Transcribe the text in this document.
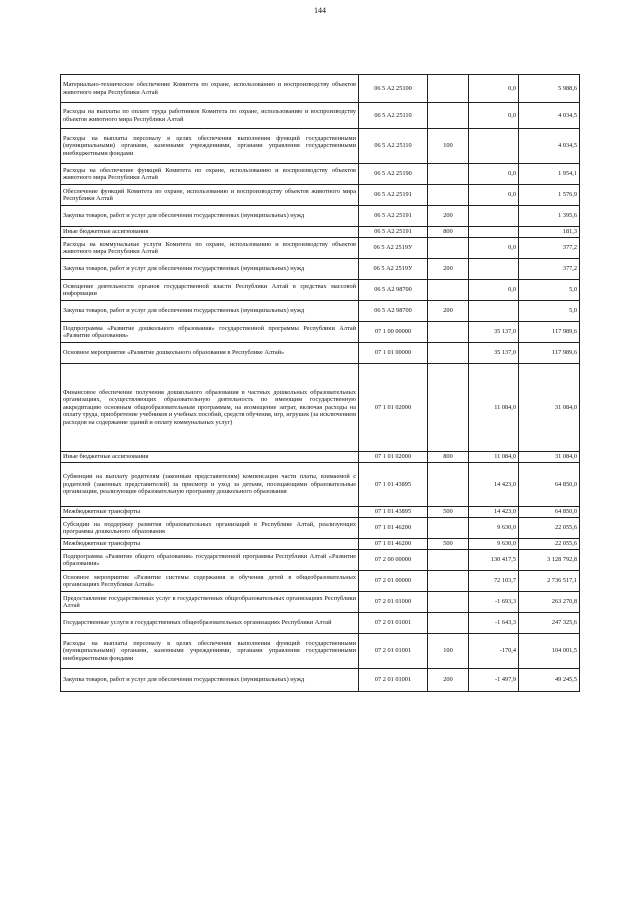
144
Материально-техническое обеспечение Комитета по охране, использованию и воспроизводству объектов животного мира Республики Алтай	06 5 А2 25100		0,0	5 988,6
Расходы на выплаты по оплате труда работников Комитета по охране, использованию и воспроизводству объектов животного мира Республики Алтай	06 5 А2 25110		0,0	4 034,5
Расходы на выплаты персоналу в целях обеспечения выполнения функций государственными (муниципальными) органами, казенными учреждениями, органами управления государственными внебюджетными фондами	06 5 А2 25110	100		4 034,5
Расходы на обеспечение функций Комитета по охране, использованию и воспроизводству объектов животного мира Республики Алтай	06 5 А2 25190		0,0	1 954,1
Обеспечение функций Комитета по охране, использованию и воспроизводству объектов животного мира Республики Алтай	06 5 А2 25191		0,0	1 576,9
Закупка товаров, работ и услуг для обеспечения государственных (муниципальных) нужд	06 5 А2 25191	200		1 395,6
Иные бюджетные ассигнования	06 5 А2 25191	800		181,3
Расходы на коммунальные услуги Комитета по охране, использованию и воспроизводству объектов животного мира Республики Алтай	06 5 А2 2519У		0,0	377,2
Закупка товаров, работ и услуг для обеспечения государственных (муниципальных) нужд	06 5 А2 2519У	200		377,2
Освещение деятельности органов государственной власти Республики Алтай в средствах массовой информации	06 5 А2 98700		0,0	5,0
Закупка товаров, работ и услуг для обеспечения государственных (муниципальных) нужд	06 5 А2 98700	200		5,0
Подпрограмма «Развитие дошкольного образования» государственной программы Республики Алтай «Развитие образования»	07 1 00 00000		35 137,0	117 989,6
Основное мероприятие «Развитие дошкольного образования в Республике Алтай»	07 1 01 00000		35 137,0	117 989,6
Финансовое обеспечение получения дошкольного образования в частных дошкольных образовательных организациях, осуществляющих образовательную деятельность по имеющим государственную аккредитацию основным общеобразовательным программам, на возмещение затрат, включая расходы на оплату труда, приобретение учебников и учебных пособий, средств обучения, игр, игрушек (за исключением расходов на содержание зданий и оплату коммунальных услуг)	07 1 01 02000		11 084,0	31 084,0
Иные бюджетные ассигнования	07 1 01 02000	800	11 084,0	31 084,0
Субвенции на выплату родителям (законным представителям) компенсации части платы, взимаемой с родителей (законных представителей) за присмотр и уход за детьми, посещающими образовательные организации, реализующие образовательную программу дошкольного образования	07 1 01 43895		14 423,0	64 850,0
Межбюджетные трансферты	07 1 01 43895	500	14 423,0	64 850,0
Субсидии на поддержку развития образовательных организаций в Республике Алтай, реализующих программы дошкольного образования	07 1 01 46200		9 630,0	22 055,6
Межбюджетные трансферты	07 1 01 46200	500	9 630,0	22 055,6
Подпрограмма «Развитие общего образования» государственной программы Республики Алтай «Развитие образования»	07 2 00 00000		130 417,5	3 128 792,8
Основное мероприятие «Развитие системы содержания и обучения детей в общеобразовательных организациях Республики Алтай»	07 2 01 00000		72 103,7	2 736 517,1
Предоставление государственных услуг в государственных общеобразовательных организациях Республики Алтай	07 2 01 01000		-1 693,3	263 270,8
Государственные услуги в государственных общеобразовательных организациях Республики Алтай	07 2 01 01001		-1 643,3	247 325,6
Расходы на выплаты персоналу в целях обеспечения выполнения функций государственными (муниципальными) органами, казенными учреждениями, органами управления государственными внебюджетными фондами	07 2 01 01001	100	-170,4	104 001,5
Закупка товаров, работ и услуг для обеспечения государственных (муниципальных) нужд	07 2 01 01001	200	-1 497,9	49 245,5
